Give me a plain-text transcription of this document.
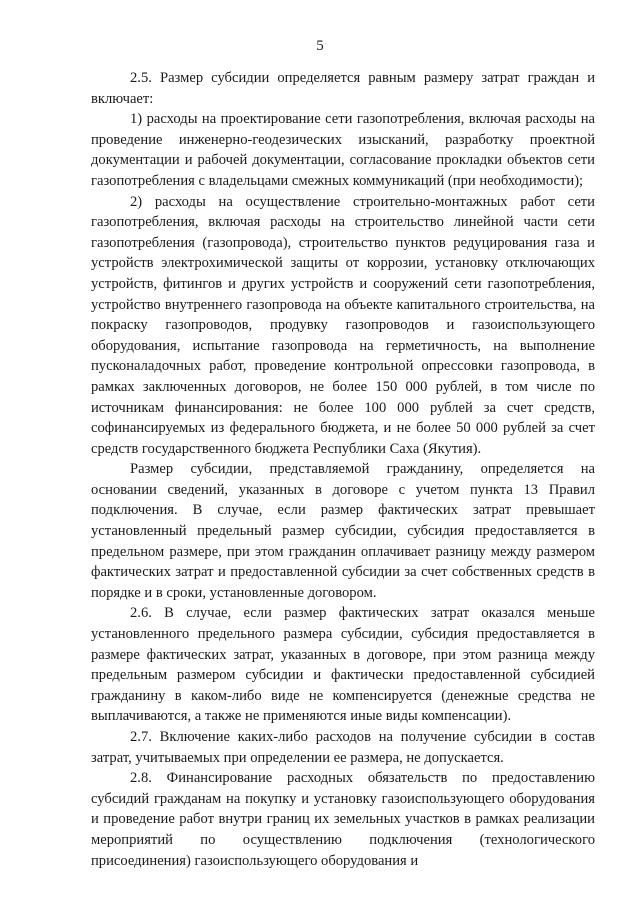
5

2.5. Размер субсидии определяется равным размеру затрат граждан и включает:

1) расходы на проектирование сети газопотребления, включая расходы на проведение инженерно-геодезических изысканий, разработку проектной документации и рабочей документации, согласование прокладки объектов сети газопотребления с владельцами смежных коммуникаций (при необходимости);

2) расходы на осуществление строительно-монтажных работ сети газопотребления, включая расходы на строительство линейной части сети газопотребления (газопровода), строительство пунктов редуцирования газа и устройств электрохимической защиты от коррозии, установку отключающих устройств, фитингов и других устройств и сооружений сети газопотребления, устройство внутреннего газопровода на объекте капитального строительства, на покраску газопроводов, продувку газопроводов и газоиспользующего оборудования, испытание газопровода на герметичность, на выполнение пусконаладочных работ, проведение контрольной опрессовки газопровода, в рамках заключенных договоров, не более 150 000 рублей, в том числе по источникам финансирования: не более 100 000 рублей за счет средств, софинансируемых из федерального бюджета, и не более 50 000 рублей за счет средств государственного бюджета Республики Саха (Якутия).

Размер субсидии, представляемой гражданину, определяется на основании сведений, указанных в договоре с учетом пункта 13 Правил подключения. В случае, если размер фактических затрат превышает установленный предельный размер субсидии, субсидия предоставляется в предельном размере, при этом гражданин оплачивает разницу между размером фактических затрат и предоставленной субсидии за счет собственных средств в порядке и в сроки, установленные договором.

2.6. В случае, если размер фактических затрат оказался меньше установленного предельного размера субсидии, субсидия предоставляется в размере фактических затрат, указанных в договоре, при этом разница между предельным размером субсидии и фактически предоставленной субсидией гражданину в каком-либо виде не компенсируется (денежные средства не выплачиваются, а также не применяются иные виды компенсации).

2.7. Включение каких-либо расходов на получение субсидии в состав затрат, учитываемых при определении ее размера, не допускается.

2.8. Финансирование расходных обязательств по предоставлению субсидий гражданам на покупку и установку газоиспользующего оборудования и проведение работ внутри границ их земельных участков в рамках реализации мероприятий по осуществлению подключения (технологического присоединения) газоиспользующего оборудования и
